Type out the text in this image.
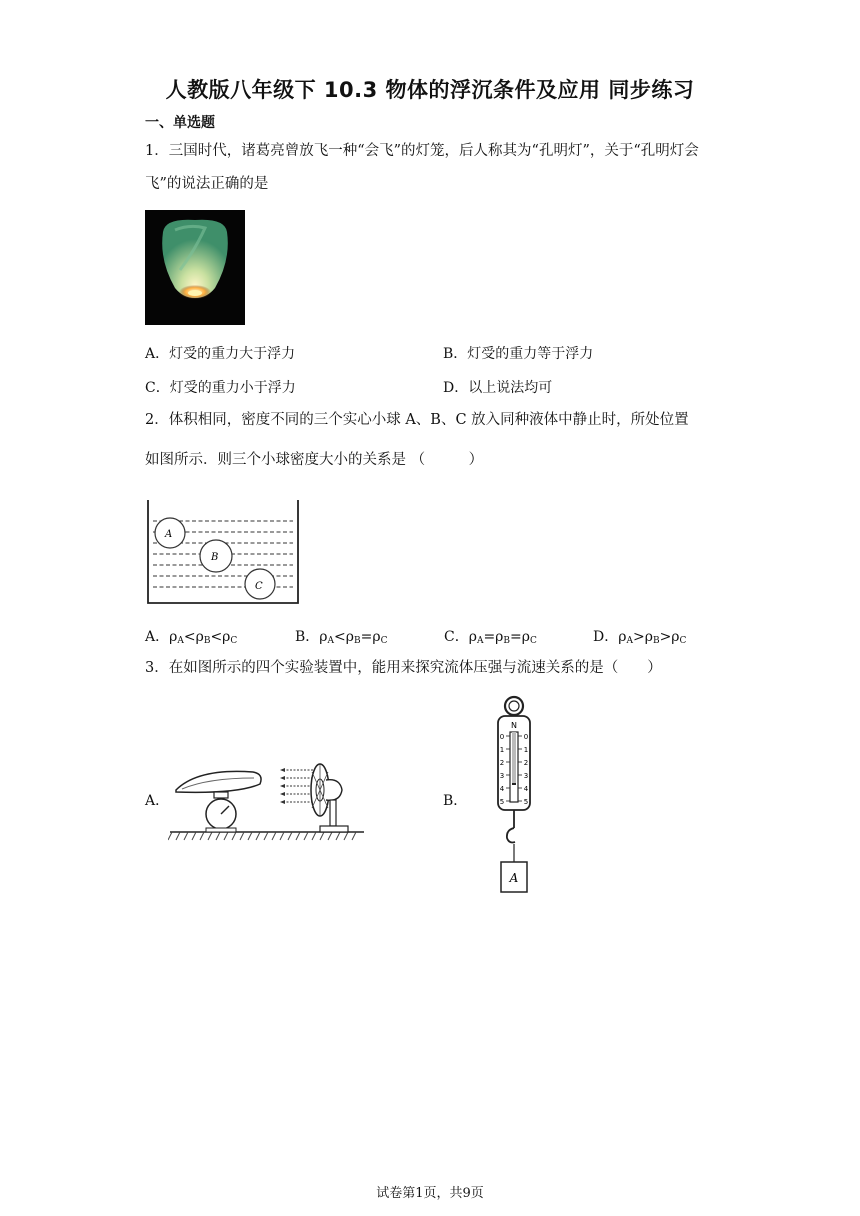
人教版八年级下 10.3 物体的浮沉条件及应用 同步练习
一、单选题
1．三国时代，诸葛亮曾放飞一种“会飞”的灯笼，后人称其为“孔明灯”，关于“孔明灯会
飞”的说法正确的是
A．灯受的重力大于浮力	B．灯受的重力等于浮力
C．灯受的重力小于浮力	D．以上说法均可
2．体积相同，密度不同的三个实心小球 A、B、C 放入同种液体中静止时，所处位置
如图所示．则三个小球密度大小的关系是 （　　　）
A
B
C
A．$\rho_A<\rho_B<\rho_C$	B．$\rho_A<\rho_B=\rho_C$	C．$\rho_A=\rho_B=\rho_C$	D．$\rho_A>\rho_B>\rho_C$
3．在如图所示的四个实验装置中，能用来探究流体压强与流速关系的是（　　）
A．	B．
N
0	0
1	1
2	2
3	3
4	4
5	5
A
试卷第1页，共9页
